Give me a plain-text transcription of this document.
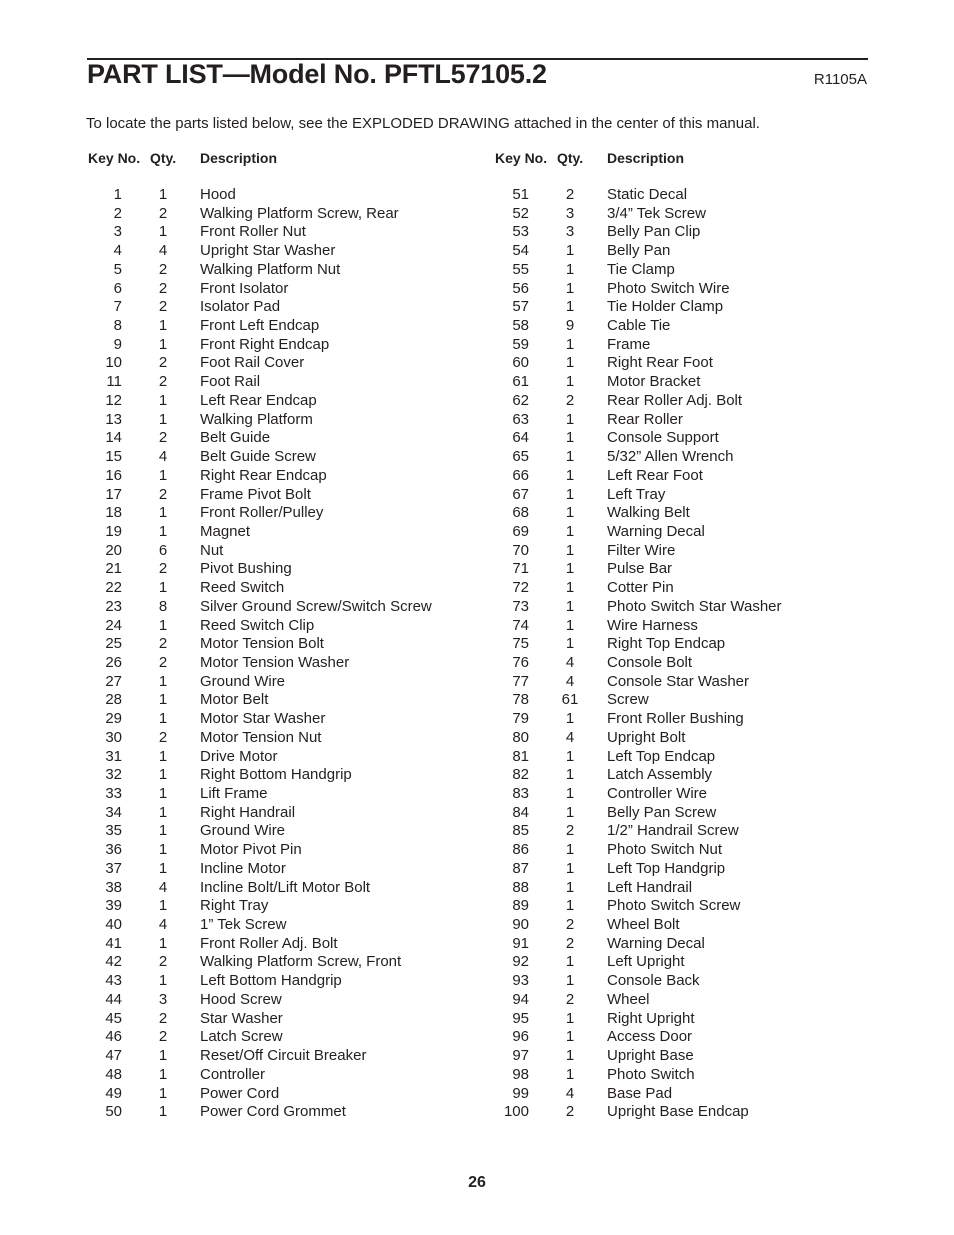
PART LIST—Model No. PFTL57105.2	R1105A
To locate the parts listed below, see the EXPLODED DRAWING attached in the center of this manual.
Key No. Qty. Description
1	1	Hood
2	2	Walking Platform Screw, Rear
3	1	Front Roller Nut
4	4	Upright Star Washer
5	2	Walking Platform Nut
6	2	Front Isolator
7	2	Isolator Pad
8	1	Front Left Endcap
9	1	Front Right Endcap
10	2	Foot Rail Cover
11	2	Foot Rail
12	1	Left Rear Endcap
13	1	Walking Platform
14	2	Belt Guide
15	4	Belt Guide Screw
16	1	Right Rear Endcap
17	2	Frame Pivot Bolt
18	1	Front Roller/Pulley
19	1	Magnet
20	6	Nut
21	2	Pivot Bushing
22	1	Reed Switch
23	8	Silver Ground Screw/Switch Screw
24	1	Reed Switch Clip
25	2	Motor Tension Bolt
26	2	Motor Tension Washer
27	1	Ground Wire
28	1	Motor Belt
29	1	Motor Star Washer
30	2	Motor Tension Nut
31	1	Drive Motor
32	1	Right Bottom Handgrip
33	1	Lift Frame
34	1	Right Handrail
35	1	Ground Wire
36	1	Motor Pivot Pin
37	1	Incline Motor
38	4	Incline Bolt/Lift Motor Bolt
39	1	Right Tray
40	4	1” Tek Screw
41	1	Front Roller Adj. Bolt
42	2	Walking Platform Screw, Front
43	1	Left Bottom Handgrip
44	3	Hood Screw
45	2	Star Washer
46	2	Latch Screw
47	1	Reset/Off Circuit Breaker
48	1	Controller
49	1	Power Cord
50	1	Power Cord Grommet
Key No. Qty. Description
51	2	Static Decal
52	3	3/4” Tek Screw
53	3	Belly Pan Clip
54	1	Belly Pan
55	1	Tie Clamp
56	1	Photo Switch Wire
57	1	Tie Holder Clamp
58	9	Cable Tie
59	1	Frame
60	1	Right Rear Foot
61	1	Motor Bracket
62	2	Rear Roller Adj. Bolt
63	1	Rear Roller
64	1	Console Support
65	1	5/32” Allen Wrench
66	1	Left Rear Foot
67	1	Left Tray
68	1	Walking Belt
69	1	Warning Decal
70	1	Filter Wire
71	1	Pulse Bar
72	1	Cotter Pin
73	1	Photo Switch Star Washer
74	1	Wire Harness
75	1	Right Top Endcap
76	4	Console Bolt
77	4	Console Star Washer
78	61	Screw
79	1	Front Roller Bushing
80	4	Upright Bolt
81	1	Left Top Endcap
82	1	Latch Assembly
83	1	Controller Wire
84	1	Belly Pan Screw
85	2	1/2” Handrail Screw
86	1	Photo Switch Nut
87	1	Left Top Handgrip
88	1	Left Handrail
89	1	Photo Switch Screw
90	2	Wheel Bolt
91	2	Warning Decal
92	1	Left Upright
93	1	Console Back
94	2	Wheel
95	1	Right Upright
96	1	Access Door
97	1	Upright Base
98	1	Photo Switch
99	4	Base Pad
100	2	Upright Base Endcap
26
